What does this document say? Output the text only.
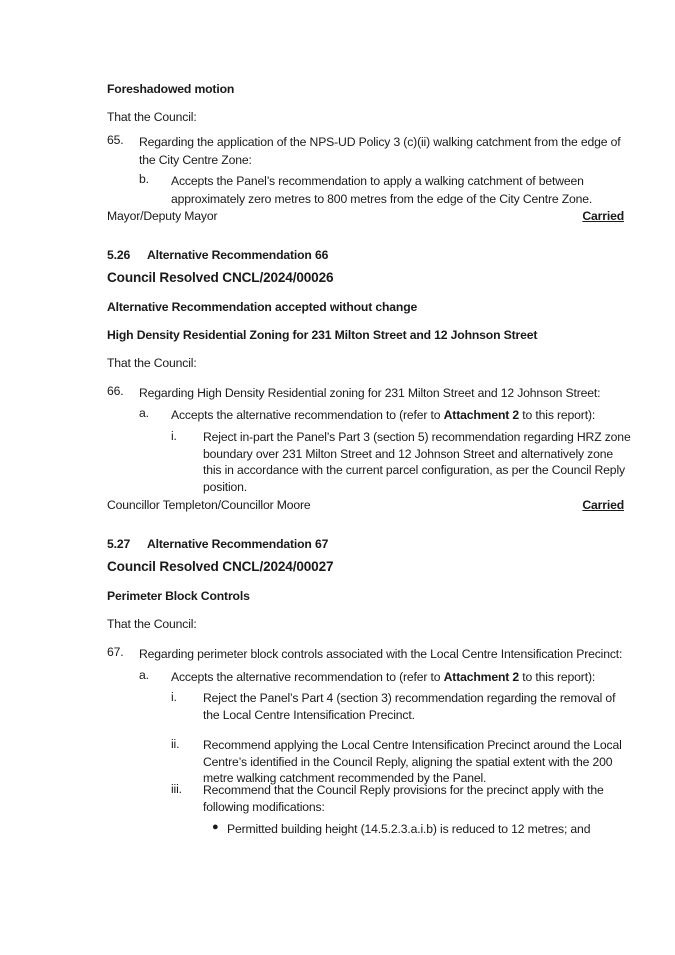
Foreshadowed motion
That the Council:
65. Regarding the application of the NPS-UD Policy 3 (c)(ii) walking catchment from the edge of the City Centre Zone:
b. Accepts the Panel’s recommendation to apply a walking catchment of between approximately zero metres to 800 metres from the edge of the City Centre Zone.
Mayor/Deputy Mayor	Carried
5.26 Alternative Recommendation 66
Council Resolved CNCL/2024/00026
Alternative Recommendation accepted without change
High Density Residential Zoning for 231 Milton Street and 12 Johnson Street
That the Council:
66. Regarding High Density Residential zoning for 231 Milton Street and 12 Johnson Street:
a. Accepts the alternative recommendation to (refer to Attachment 2 to this report):
i. Reject in-part the Panel’s Part 3 (section 5) recommendation regarding HRZ zone boundary over 231 Milton Street and 12 Johnson Street and alternatively zone this in accordance with the current parcel configuration, as per the Council Reply position.
Councillor Templeton/Councillor Moore	Carried
5.27 Alternative Recommendation 67
Council Resolved CNCL/2024/00027
Perimeter Block Controls
That the Council:
67. Regarding perimeter block controls associated with the Local Centre Intensification Precinct:
a. Accepts the alternative recommendation to (refer to Attachment 2 to this report):
i. Reject the Panel’s Part 4 (section 3) recommendation regarding the removal of the Local Centre Intensification Precinct.
ii. Recommend applying the Local Centre Intensification Precinct around the Local Centre’s identified in the Council Reply, aligning the spatial extent with the 200 metre walking catchment recommended by the Panel.
iii. Recommend that the Council Reply provisions for the precinct apply with the following modifications:
● Permitted building height (14.5.2.3.a.i.b) is reduced to 12 metres; and
